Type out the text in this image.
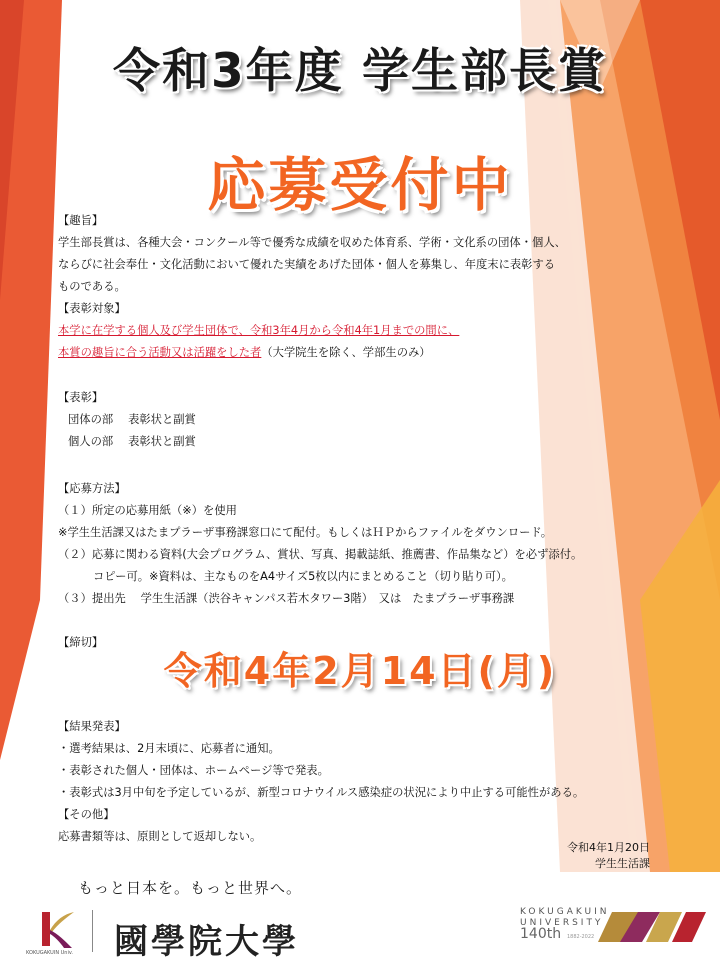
令和3年度 学生部長賞
応募受付中
【趣旨】
学生部長賞は、各種大会・コンクール等で優秀な成績を収めた体育系、学術・文化系の団体・個人、
ならびに社会奉仕・文化活動において優れた実績をあげた団体・個人を募集し、年度末に表彰する
ものである。
【表彰対象】
本学に在学する個人及び学生団体で、令和3年4月から令和4年1月までの間に、
本賞の趣旨に合う活動又は活躍をした者（大学院生を除く、学部生のみ）
【表彰】
団体の部　 表彰状と副賞
個人の部　 表彰状と副賞
【応募方法】
（１）所定の応募用紙（※）を使用
※学生生活課又はたまプラーザ事務課窓口にて配付。もしくはＨＰからファイルをダウンロード。
（２）応募に関わる資料(大会プログラム、賞状、写真、掲載誌紙、推薦書、作品集など）を必ず添付。
コピー可。※資料は、主なものをA4サイズ5枚以内にまとめること（切り貼り可）。
（３）提出先　 学生生活課（渋谷キャンパス若木タワー3階）　又は　たまプラーザ事務課
【締切】
令和4年2月14日(月)
【結果発表】
・選考結果は、2月末頃に、応募者に通知。
・表彰された個人・団体は、ホームページ等で発表。
・表彰式は3月中旬を予定しているが、新型コロナウイルス感染症の状況により中止する可能性がある。
【その他】
応募書類等は、原則として返却しない。
令和4年1月20日
学生生活課
もっと日本を。もっと世界へ。
KOKUGAKUIN Univ. 國學院大學
KOKUGAKUIN
UNIVERSITY
140th 1882-2022
